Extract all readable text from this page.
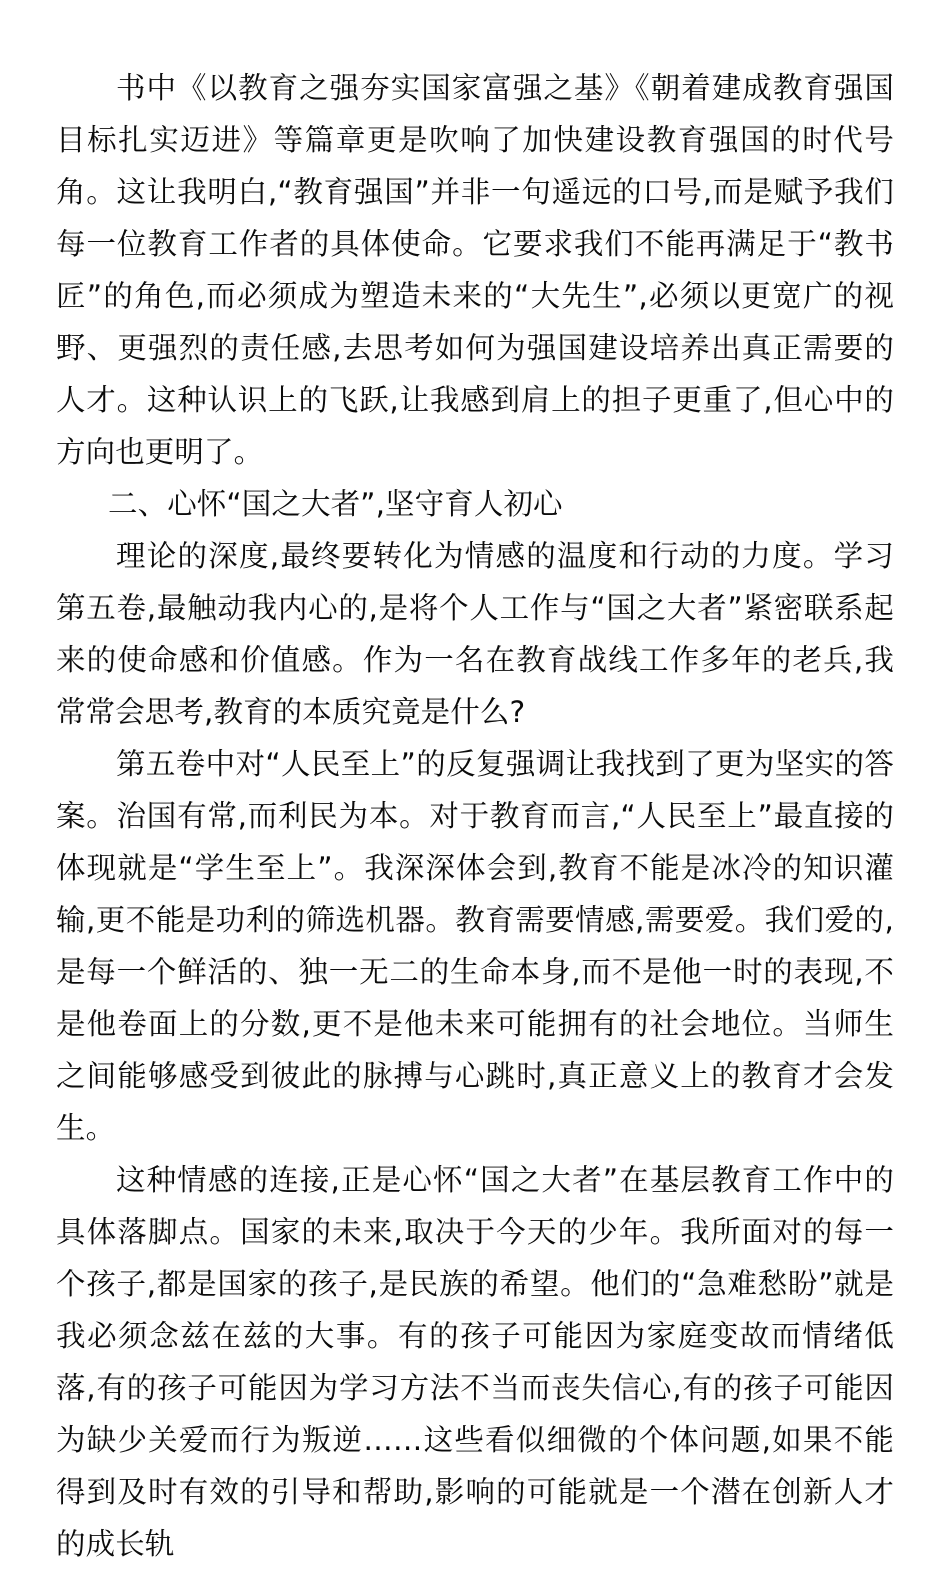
书中《以教育之强夯实国家富强之基》《朝着建成教育强国目标扎实迈进》等篇章更是吹响了加快建设教育强国的时代号角。这让我明白,“教育强国”并非一句遥远的口号,而是赋予我们每一位教育工作者的具体使命。它要求我们不能再满足于“教书匠”的角色,而必须成为塑造未来的“大先生”,必须以更宽广的视野、更强烈的责任感,去思考如何为强国建设培养出真正需要的人才。这种认识上的飞跃,让我感到肩上的担子更重了,但心中的方向也更明了。

二、心怀“国之大者”,坚守育人初心

理论的深度,最终要转化为情感的温度和行动的力度。学习第五卷,最触动我内心的,是将个人工作与“国之大者”紧密联系起来的使命感和价值感。作为一名在教育战线工作多年的老兵,我常常会思考,教育的本质究竟是什么?

第五卷中对“人民至上”的反复强调让我找到了更为坚实的答案。治国有常,而利民为本。对于教育而言,“人民至上”最直接的体现就是“学生至上”。我深深体会到,教育不能是冰冷的知识灌输,更不能是功利的筛选机器。教育需要情感,需要爱。我们爱的,是每一个鲜活的、独一无二的生命本身,而不是他一时的表现,不是他卷面上的分数,更不是他未来可能拥有的社会地位。当师生之间能够感受到彼此的脉搏与心跳时,真正意义上的教育才会发生。

这种情感的连接,正是心怀“国之大者”在基层教育工作中的具体落脚点。国家的未来,取决于今天的少年。我所面对的每一个孩子,都是国家的孩子,是民族的希望。他们的“急难愁盼”就是我必须念兹在兹的大事。有的孩子可能因为家庭变故而情绪低落,有的孩子可能因为学习方法不当而丧失信心,有的孩子可能因为缺少关爱而行为叛逆……这些看似细微的个体问题,如果不能得到及时有效的引导和帮助,影响的可能就是一个潜在创新人才的成长轨
